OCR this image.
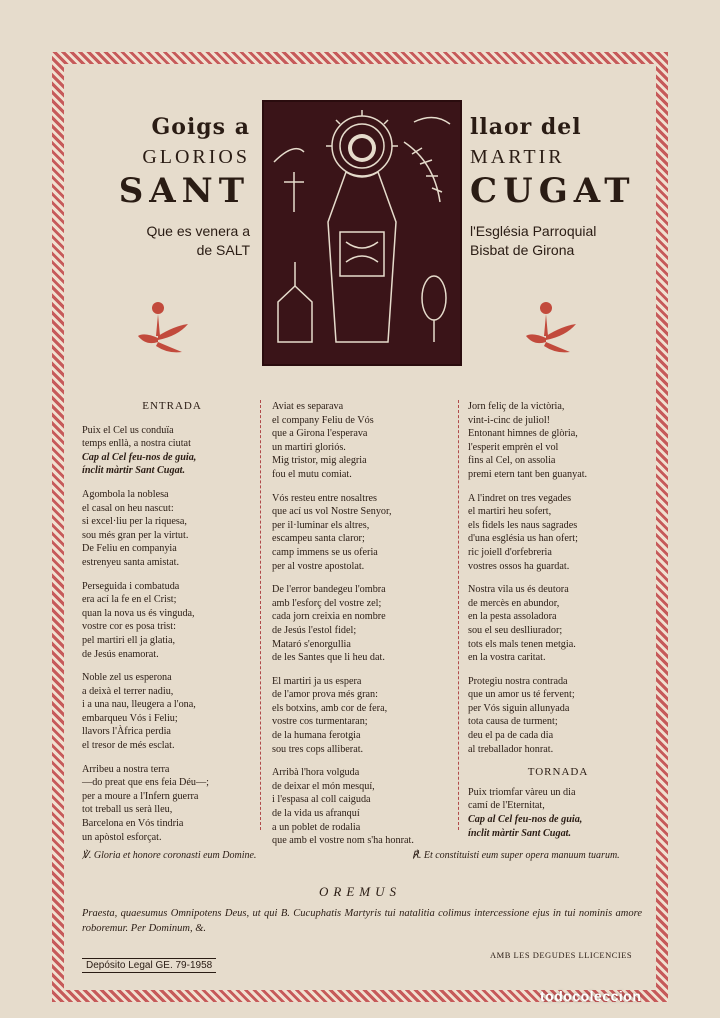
Goigs a

GLORIOS

SANT

Que es venera a

de SALT

llaor del

MARTIR

CUGAT

l'Església Parroquial

Bisbat de Girona

ENTRADA

Puix el Cel us conduïa
temps enllà, a nostra ciutat
Cap al Cel feu-nos de guia,
ínclit màrtir Sant Cugat.
Agombola la noblesa
el casal on heu nascut:
si excel·liu per la riquesa,
sou més gran per la virtut.
De Feliu en companyia
estrenyeu santa amistat.
Perseguida i combatuda
era ací la fe en el Crist;
quan la nova us és vinguda,
vostre cor es posa trist:
pel martiri ell ja glatia,
de Jesús enamorat.
Noble zel us esperona
a deixà el terrer nadiu,
i a una nau, lleugera a l'ona,
embarqueu Vós i Feliu;
llavors l'Àfrica perdia
el tresor de més esclat.
Arribeu a nostra terra
—do preat que ens feia Déu—;
per a moure a l'Infern guerra
tot treball us serà lleu,
Barcelona en Vós tindria
un apòstol esforçat.
Aviat es separava
el company Feliu de Vós
que a Girona l'esperava
un martiri gloriós.
Mig tristor, mig alegria
fou el mutu comiat.
Vós resteu entre nosaltres
que ací us vol Nostre Senyor,
per il·luminar els altres,
escampeu santa claror;
camp immens se us oferia
per al vostre apostolat.
De l'error bandegeu l'ombra
amb l'esforç del vostre zel;
cada jorn creixia en nombre
de Jesús l'estol fidel;
Mataró s'enorgullia
de les Santes que li heu dat.
El martiri ja us espera
de l'amor prova més gran:
els botxins, amb cor de fera,
vostre cos turmentaran;
de la humana ferotgia
sou tres cops alliberat.
Arribà l'hora volguda
de deixar el món mesquí,
i l'espasa al coll caiguda
de la vida us afranquí
a un poblet de rodalia
que amb el vostre nom s'ha honrat.
Jorn feliç de la victòria,
vint-i-cinc de juliol!
Entonant himnes de glòria,
l'esperit emprèn el vol
fins al Cel, on assolia
premi etern tant ben guanyat.
A l'indret on tres vegades
el martiri heu sofert,
els fidels les naus sagrades
d'una església us han ofert;
ric joiell d'orfebreria
vostres ossos ha guardat.
Nostra vila us és deutora
de mercès en abundor,
en la pesta assoladora
sou el seu deslliurador;
tots els mals tenen metgia.
en la vostra caritat.
Protegiu nostra contrada
que un amor us té fervent;
per Vós siguin allunyada
tota causa de turment;
deu el pa de cada dia
al treballador honrat.

TORNADA

Puix triomfar vàreu un dia
camí de l'Eternitat,
Cap al Cel feu-nos de guia,
ínclit màrtir Sant Cugat.
℣. Gloria et honore coronasti eum Domine.	℟. Et constituisti eum super opera manuum tuarum.
OREMUS
Praesta, quaesumus Omnipotens Deus, ut qui B. Cucuphatis Martyris tui natalitia colimus intercessione ejus in tui nominis amore roboremur. Per Dominum, &.
Depósito Legal GE. 79-1958
AMB LES DEGUDES LLICENCIES
todocoleccion
